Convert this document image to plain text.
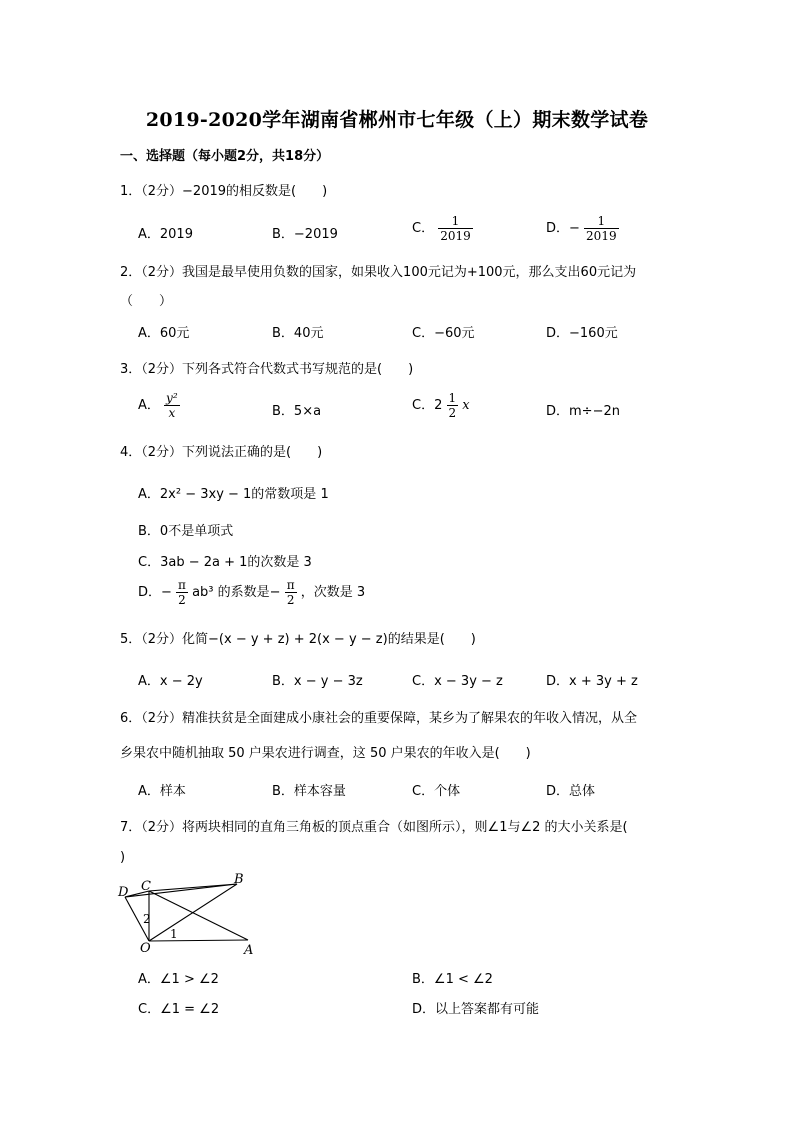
2019-2020学年湖南省郴州市七年级（上）期末数学试卷
一、选择题（每小题2分，共18分）
1．（2分）−2019的相反数是(　　)
A．2019	B．−2019	C． $\frac{1}{2019}$	D．− $\frac{1}{2019}$
2．（2分）我国是最早使用负数的国家，如果收入100元记为+100元，那么支出60元记为
（　　）
A．60元	B．40元	C．−60元	D．−160元
3．（2分）下列各式符合代数式书写规范的是(　　)
A． $\frac{\text{y²}}{x}$	B．5×a	C．$2 \frac{1}{2}$ x	D．m÷−2n
4．（2分）下列说法正确的是(　　)
A．2x² − 3xy − 1的常数项是 1
B．0不是单项式
C．3ab − 2a + 1的次数是 3
D．− $\frac{\pi}{2} ab^3$ 的系数是− $\frac{\pi}{2}$ ，次数是 3
5．（2分）化简−(x − y + z) + 2(x − y − z)的结果是(　　)
A．x − 2y	B．x − y − 3z	C．x − 3y − z	D．x + 3y + z
6．（2分）精准扶贫是全面建成小康社会的重要保障，某乡为了解果农的年收入情况，从全
乡果农中随机抽取 50 户果农进行调查，这 50 户果农的年收入是(　　)
A．样本	B．样本容量	C．个体	D．总体
7．（2分）将两块相同的直角三角板的顶点重合（如图所示），则∠1与∠2 的大小关系是(
)
D C	B
O	A
2
1
A．∠1 > ∠2	B．∠1 < ∠2
C．∠1 = ∠2	D．以上答案都有可能
